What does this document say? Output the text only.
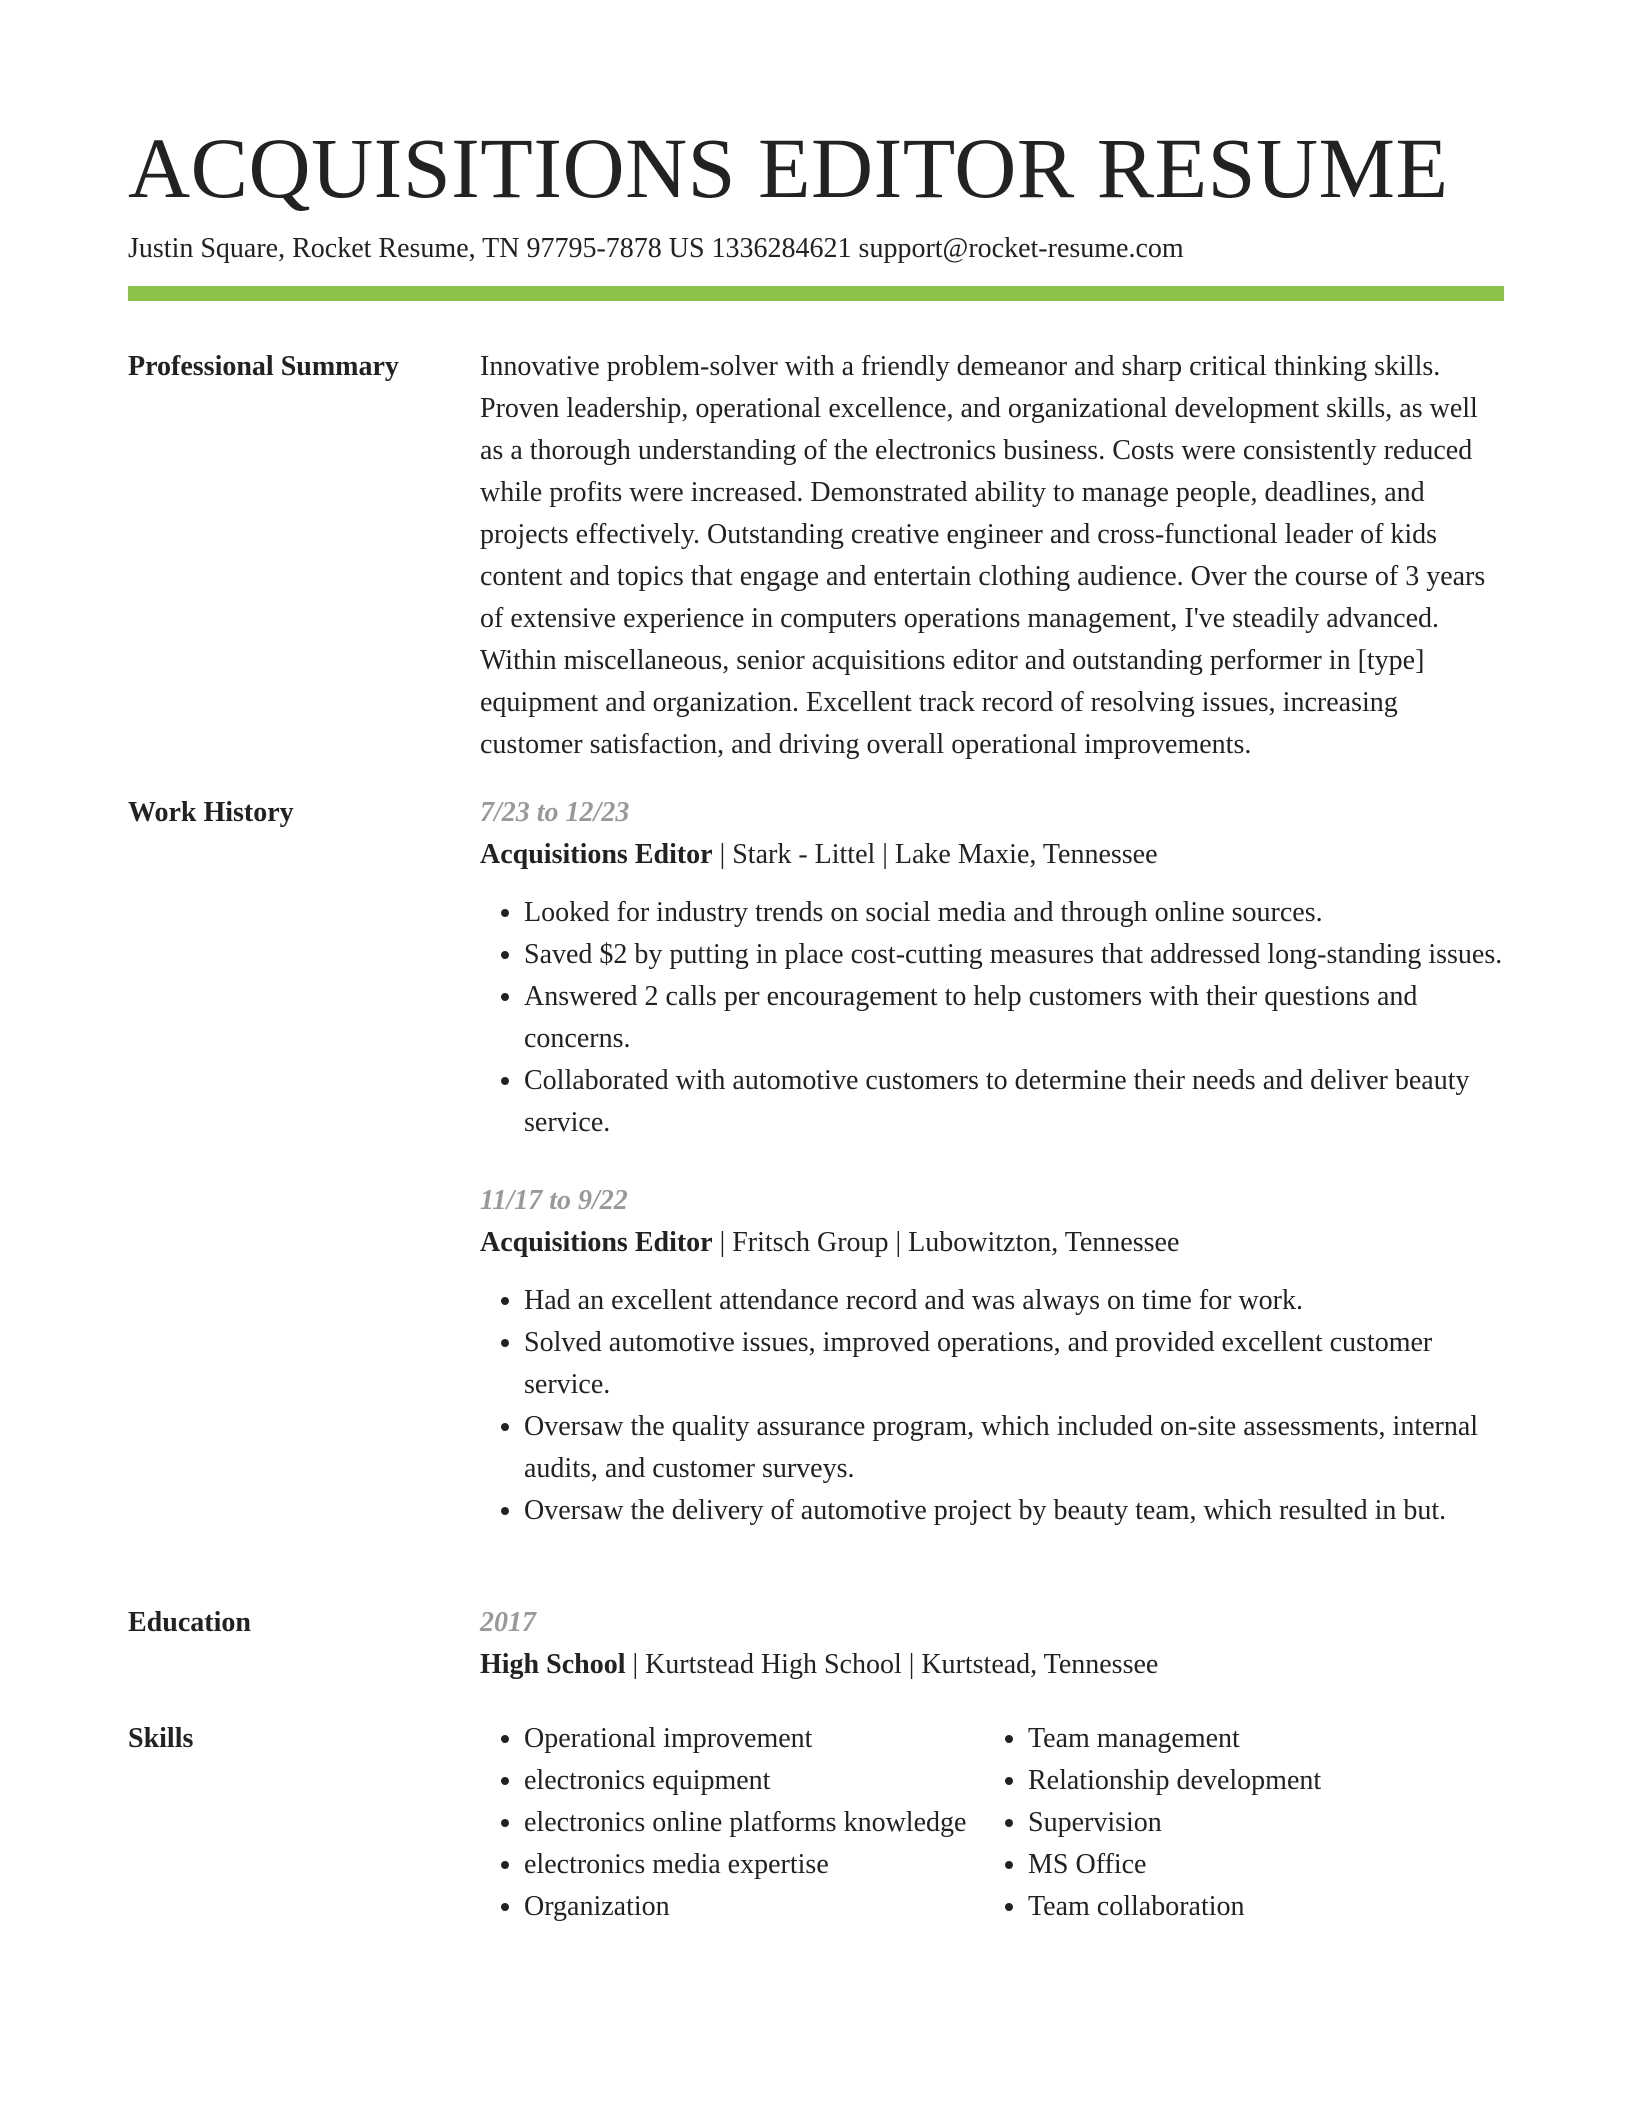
ACQUISITIONS EDITOR RESUME
Justin Square, Rocket Resume, TN 97795-7878 US 1336284621 support@rocket-resume.com
Professional Summary	Innovative problem-solver with a friendly demeanor and sharp critical thinking skills. Proven leadership, operational excellence, and organizational development skills, as well as a thorough understanding of the electronics business. Costs were consistently reduced while profits were increased. Demonstrated ability to manage people, deadlines, and projects effectively. Outstanding creative engineer and cross-functional leader of kids content and topics that engage and entertain clothing audience. Over the course of 3 years of extensive experience in computers operations management, I've steadily advanced. Within miscellaneous, senior acquisitions editor and outstanding performer in [type] equipment and organization. Excellent track record of resolving issues, increasing customer satisfaction, and driving overall operational improvements.

Work History	7/23 to 12/23
Acquisitions Editor | Stark - Littel | Lake Maxie, Tennessee
• Looked for industry trends on social media and through online sources.
• Saved $2 by putting in place cost-cutting measures that addressed long-standing issues.
• Answered 2 calls per encouragement to help customers with their questions and concerns.
• Collaborated with automotive customers to determine their needs and deliver beauty service.
11/17 to 9/22
Acquisitions Editor | Fritsch Group | Lubowitzton, Tennessee
• Had an excellent attendance record and was always on time for work.
• Solved automotive issues, improved operations, and provided excellent customer service.
• Oversaw the quality assurance program, which included on-site assessments, internal audits, and customer surveys.
• Oversaw the delivery of automotive project by beauty team, which resulted in but.
Education	2017
High School | Kurtstead High School | Kurtstead, Tennessee
Skills
•	Operational improvement
• electronics equipment
• electronics online platforms knowledge
• electronics media expertise
• Organization
• Team management
• Relationship development
• Supervision
• MS Office
• Team collaboration
